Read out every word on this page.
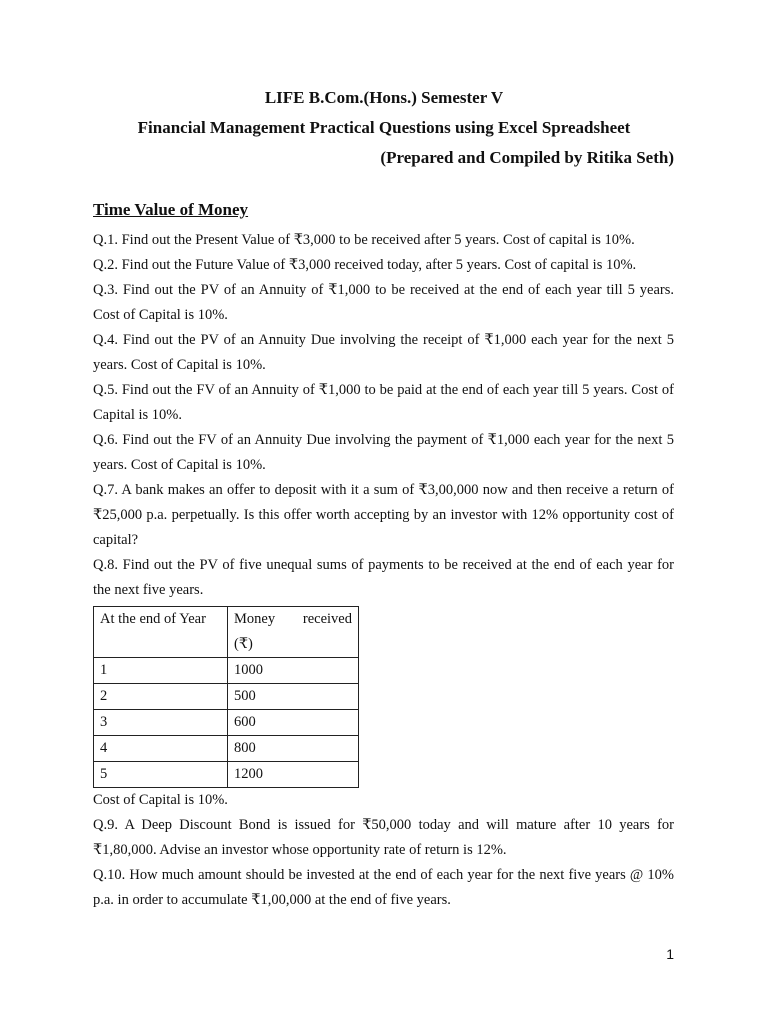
LIFE B.Com.(Hons.) Semester V
Financial Management Practical Questions using Excel Spreadsheet
(Prepared and Compiled by Ritika Seth)
Time Value of Money

Q.1. Find out the Present Value of ₹3,000 to be received after 5 years. Cost of capital is 10%.

Q.2. Find out the Future Value of ₹3,000 received today, after 5 years. Cost of capital is 10%.

Q.3. Find out the PV of an Annuity of ₹1,000 to be received at the end of each year till 5 years. Cost of Capital is 10%.

Q.4. Find out the PV of an Annuity Due involving the receipt of ₹1,000 each year for the next 5 years. Cost of Capital is 10%.

Q.5. Find out the FV of an Annuity of ₹1,000 to be paid at the end of each year till 5 years. Cost of Capital is 10%.

Q.6. Find out the FV of an Annuity Due involving the payment of ₹1,000 each year for the next 5 years. Cost of Capital is 10%.

Q.7. A bank makes an offer to deposit with it a sum of ₹3,00,000 now and then receive a return of ₹25,000 p.a. perpetually. Is this offer worth accepting by an investor with 12% opportunity cost of capital?

Q.8. Find out the PV of five unequal sums of payments to be received at the end of each year for the next five years.

At the end of Year	Money received
(₹)

1	1000
2	500
3	600
4	800
5	1200

Cost of Capital is 10%.

Q.9. A Deep Discount Bond is issued for ₹50,000 today and will mature after 10 years for ₹1,80,000. Advise an investor whose opportunity rate of return is 12%.

Q.10. How much amount should be invested at the end of each year for the next five years @ 10% p.a. in order to accumulate ₹1,00,000 at the end of five years.

1
